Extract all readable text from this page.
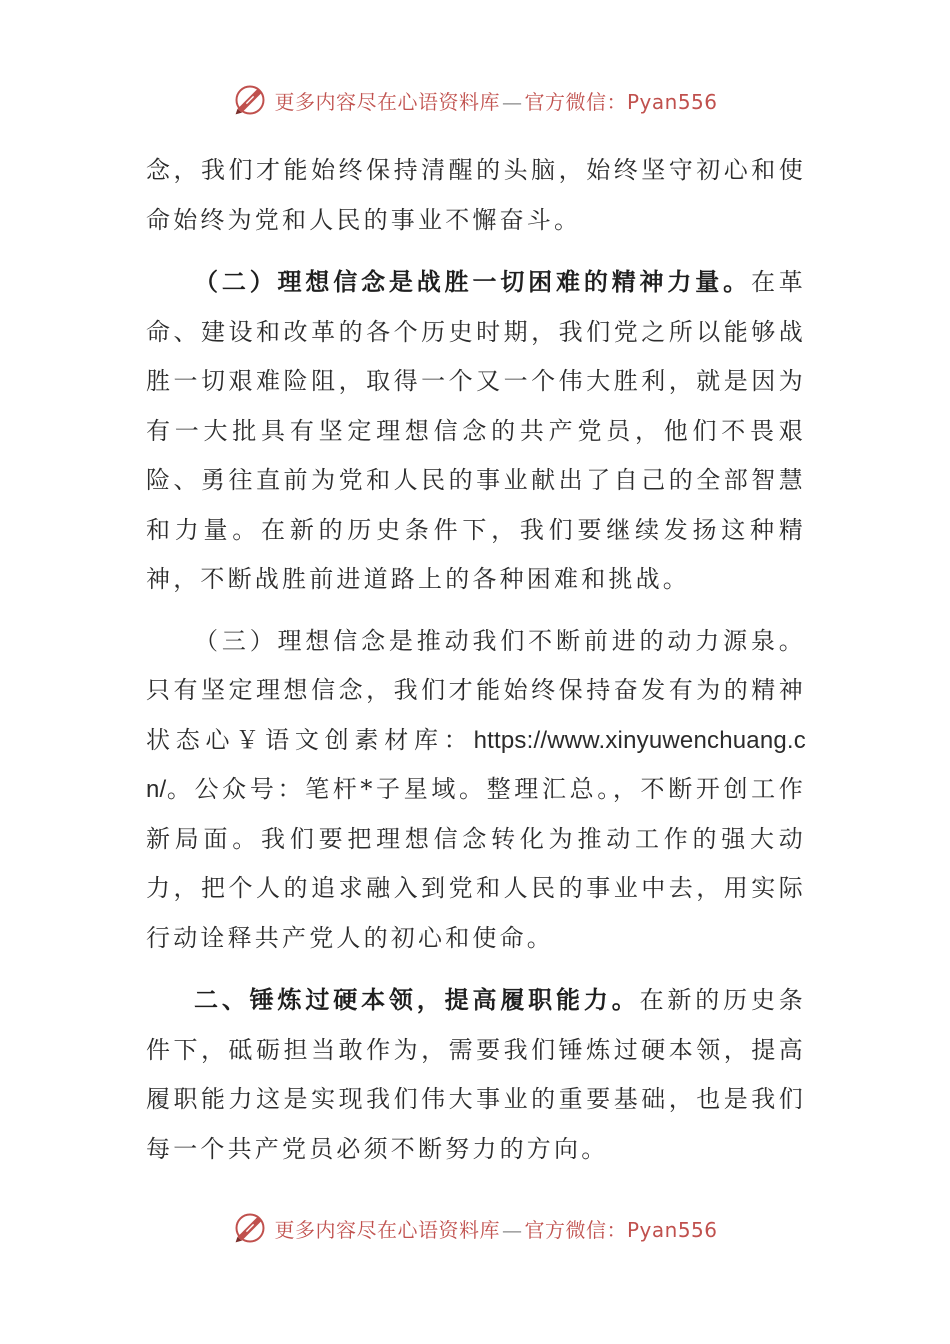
更多内容尽在心语资料库 — 官方微信：Pyan556

念，我们才能始终保持清醒的头脑，始终坚守初心和使命始终为党和人民的事业不懈奋斗。

（二）理想信念是战胜一切困难的精神力量。在革命、建设和改革的各个历史时期，我们党之所以能够战胜一切艰难险阻，取得一个又一个伟大胜利，就是因为有一大批具有坚定理想信念的共产党员，他们不畏艰险、勇往直前为党和人民的事业献出了自己的全部智慧和力量。在新的历史条件下，我们要继续发扬这种精神，不断战胜前进道路上的各种困难和挑战。

（三）理想信念是推动我们不断前进的动力源泉。只有坚定理想信念，我们才能始终保持奋发有为的精神状态心￥语文创素材库：https://www.xinyuwenchuang.cn/。公众号：笔杆*子星域。整理汇总。，不断开创工作新局面。我们要把理想信念转化为推动工作的强大动力，把个人的追求融入到党和人民的事业中去，用实际行动诠释共产党人的初心和使命。

二、锤炼过硬本领，提高履职能力。在新的历史条件下，砥砺担当敢作为，需要我们锤炼过硬本领，提高履职能力这是实现我们伟大事业的重要基础，也是我们每一个共产党员必须不断努力的方向。

更多内容尽在心语资料库 — 官方微信：Pyan556
